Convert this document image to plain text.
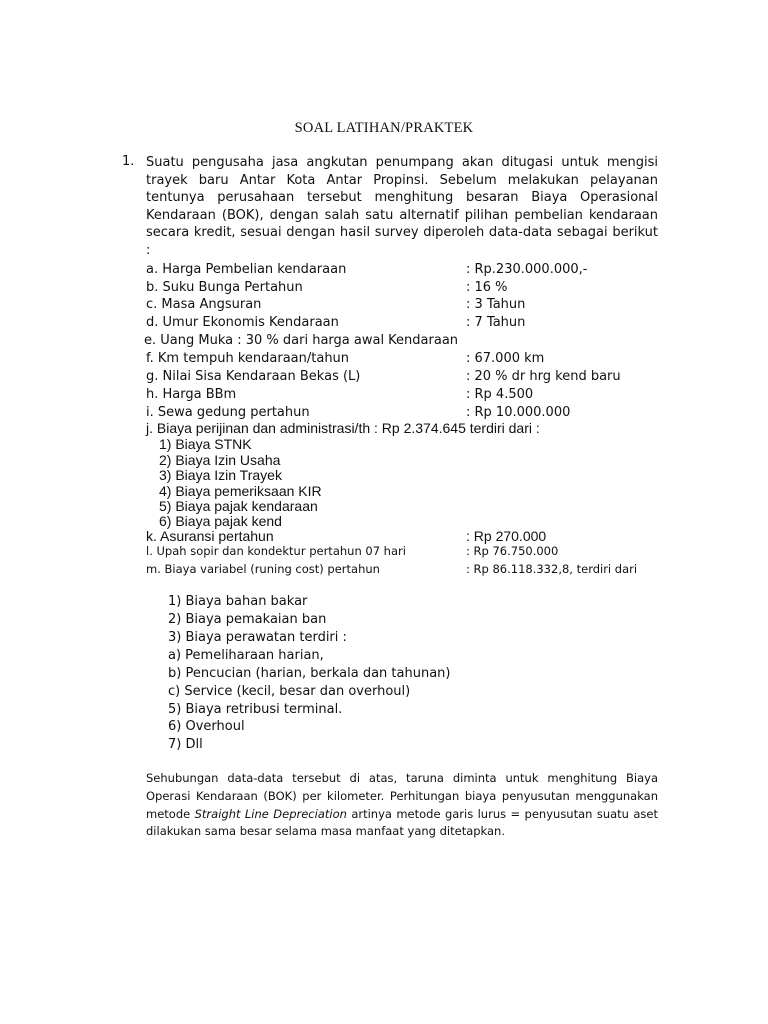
SOAL LATIHAN/PRAKTEK
1. Suatu pengusaha jasa angkutan penumpang akan ditugasi untuk mengisi trayek baru Antar Kota Antar Propinsi. Sebelum melakukan pelayanan tentunya perusahaan tersebut menghitung besaran Biaya Operasional Kendaraan (BOK), dengan salah satu alternatif pilihan pembelian kendaraan secara kredit, sesuai dengan hasil survey diperoleh data-data sebagai berikut :

a. Harga Pembelian kendaraan	: Rp.230.000.000,-
b. Suku Bunga Pertahun	: 16 %
c. Masa Angsuran	: 3 Tahun
d. Umur Ekonomis Kendaraan	: 7 Tahun
e. Uang Muka : 30 % dari harga awal Kendaraan
f. Km tempuh kendaraan/tahun	: 67.000 km
g. Nilai Sisa Kendaraan Bekas (L)	: 20 % dr hrg kend baru
h. Harga BBm	: Rp 4.500
i. Sewa gedung pertahun	: Rp 10.000.000
j. Biaya perijinan dan administrasi/th : Rp 2.374.645 terdiri dari :
1) Biaya STNK
2) Biaya Izin Usaha
3) Biaya Izin Trayek
4) Biaya pemeriksaan KIR
5) Biaya pajak kendaraan
6) Biaya pajak kend
k. Asuransi pertahun	: Rp 270.000
l. Upah sopir dan kondektur pertahun 07 hari	: Rp 76.750.000
m. Biaya variabel (runing cost) pertahun	: Rp 86.118.332,8, terdiri dari
1) Biaya bahan bakar
2) Biaya pemakaian ban
3) Biaya perawatan terdiri :
a) Pemeliharaan harian,
b) Pencucian (harian, berkala dan tahunan)
c) Service (kecil, besar dan overhoul)
5) Biaya retribusi terminal.
6) Overhoul
7) Dll

Sehubungan data-data tersebut di atas, taruna diminta untuk menghitung Biaya Operasi Kendaraan (BOK) per kilometer. Perhitungan biaya penyusutan menggunakan metode Straight Line Depreciation artinya metode garis lurus = penyusutan suatu aset dilakukan sama besar selama masa manfaat yang ditetapkan.
